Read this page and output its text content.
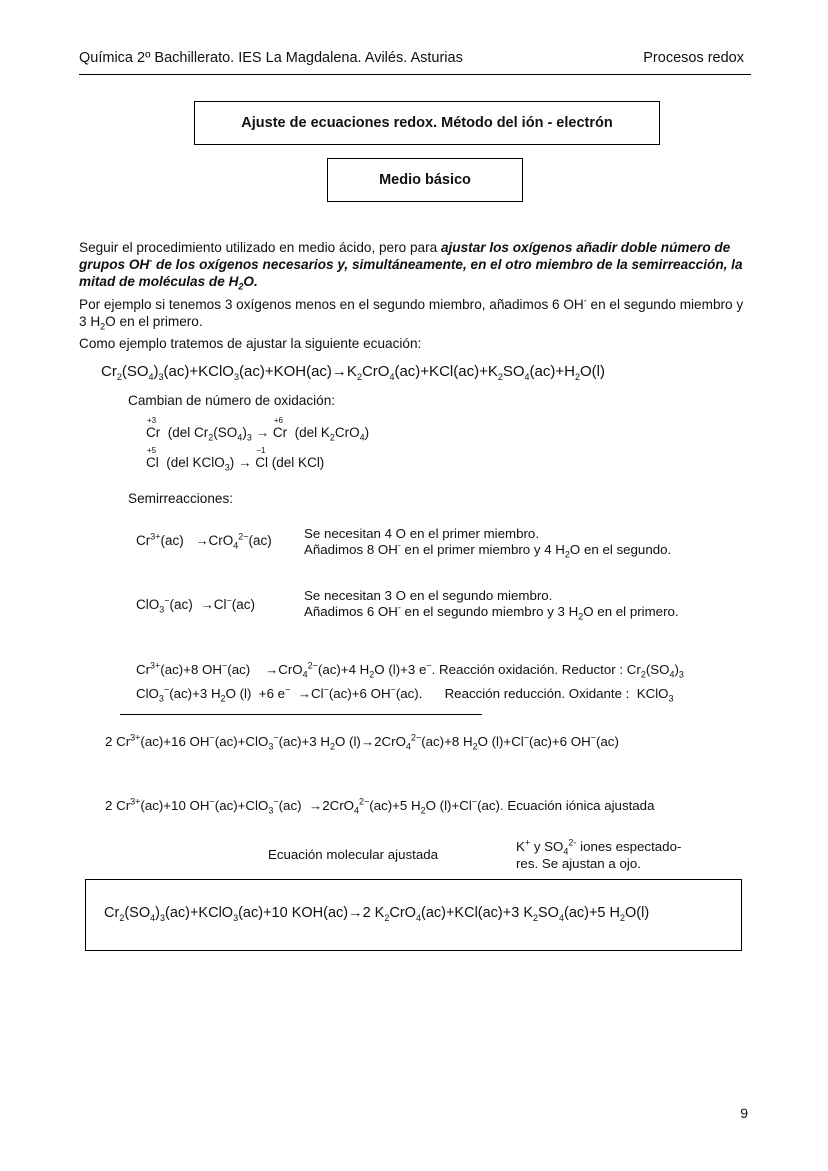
Química 2º Bachillerato. IES La Magdalena. Avilés. Asturias	Procesos redox
Ajuste de ecuaciones redox. Método del ión - electrón
Medio básico
Seguir el procedimiento utilizado en medio ácido, pero para ajustar los oxígenos añadir doble número de grupos OH- de los oxígenos necesarios y, simultáneamente, en el otro miembro de la semirreacción, la mitad de moléculas de $H_2O$.
Por ejemplo si tenemos 3 oxígenos menos en el segundo miembro, añadimos 6 OH- en el segundo miembro y 3 $H_2O$ en el primero.
Como ejemplo tratemos de ajustar la siguiente ecuación:
$Cr_2(SO_4)_3(ac)+KClO_3(ac)+KOH(ac)\to K_2CrO_4(ac)+KCl(ac)+K_2SO_4(ac)+H_2O(l)$
Cambian de número de oxidación:
Cr
+3
(del $Cr_2(SO_4)_3 \to Cr$
+6
(del $K_2CrO_4$)
Cl
+5
(del KClO$_3$) → Cl
−1
(del KCl)
Semirreacciones:
$Cr^{3+}(ac) \to CrO_4^{2-}(ac)$ Se necesitan 4 O en el primer miembro.
Añadimos 8 OH- en el primer miembro y 4 $H_2O$ en el segundo.
ClO$_3$−(ac)  →Cl−(ac)
Se necesitan 3 O en el segundo miembro.
Añadimos 6 OH- en el segundo miembro y 3 $H_2O$ en el primero.
$Cr^{3+}(ac)+8$ OH−(ac)    →CrO$_4^{2-}$(ac)+4 $H_2O$ (l)+3 e−. Reacción oxidación. Reductor : $Cr_2(SO_4)_3$
ClO$_3$−(ac)+3 $H_2O$ (l)  +6 e−  →Cl−(ac)+6 OH−(ac).      Reacción reducción. Oxidante :  KClO$_3$
2 $Cr^{3+}(ac)+16$ OH−(ac)+ClO$_3$−(ac)+3 $H_2O$ (l)→2CrO$_4^{2-}$(ac)+8 $H_2O$ (l)+Cl−(ac)+6 OH−(ac)
2 $Cr^{3+}(ac)+10$ OH−(ac)+ClO$_3$−(ac)  →2CrO$_4^{2-}$(ac)+5 $H_2O$ (l)+Cl−(ac). Ecuación iónica ajustada
Ecuación molecular ajustada
K+ y $SO_4^{2-}$ iones espectado-
res. Se ajustan a ojo.
$Cr_2(SO_4)_3(ac)+KClO_3(ac)+10$ KOH(ac)→2 $K_2CrO_4(ac)+KCl(ac)+3$ $K_2SO_4(ac)+5$ $H_2O(l)$
9
